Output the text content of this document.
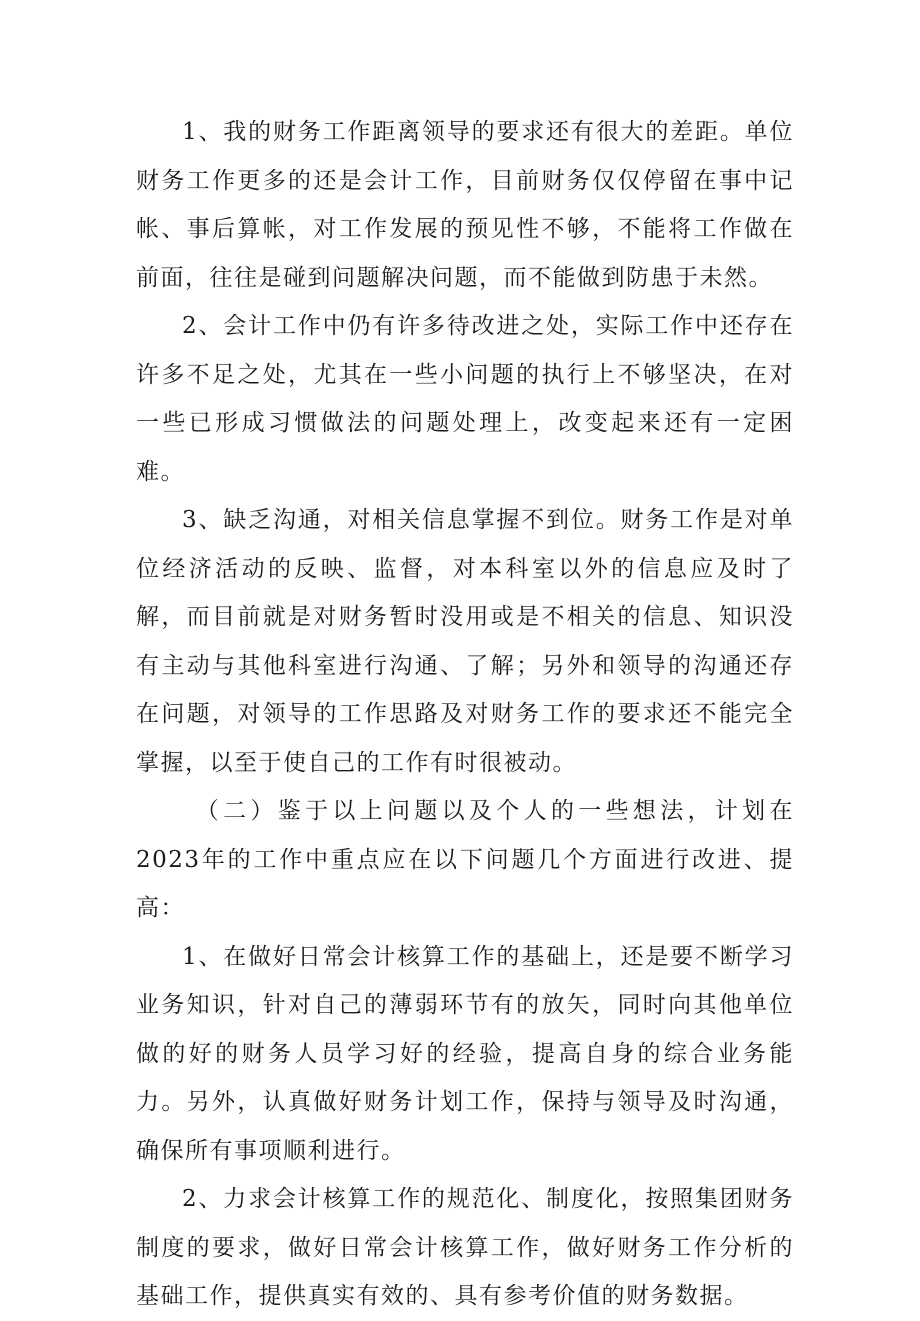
1、我的财务工作距离领导的要求还有很大的差距。单位财务工作更多的还是会计工作，目前财务仅仅停留在事中记帐、事后算帐，对工作发展的预见性不够，不能将工作做在前面，往往是碰到问题解决问题，而不能做到防患于未然。

2、会计工作中仍有许多待改进之处，实际工作中还存在许多不足之处，尤其在一些小问题的执行上不够坚决，在对一些已形成习惯做法的问题处理上，改变起来还有一定困难。

3、缺乏沟通，对相关信息掌握不到位。财务工作是对单位经济活动的反映、监督，对本科室以外的信息应及时了解，而目前就是对财务暂时没用或是不相关的信息、知识没有主动与其他科室进行沟通、了解；另外和领导的沟通还存在问题，对领导的工作思路及对财务工作的要求还不能完全掌握，以至于使自己的工作有时很被动。

（二）鉴于以上问题以及个人的一些想法，计划在2023年的工作中重点应在以下问题几个方面进行改进、提高：

1、在做好日常会计核算工作的基础上，还是要不断学习业务知识，针对自己的薄弱环节有的放矢，同时向其他单位做的好的财务人员学习好的经验，提高自身的综合业务能力。另外，认真做好财务计划工作，保持与领导及时沟通，确保所有事项顺利进行。

2、力求会计核算工作的规范化、制度化，按照集团财务制度的要求，做好日常会计核算工作，做好财务工作分析的基础工作，提供真实有效的、具有参考价值的财务数据。
